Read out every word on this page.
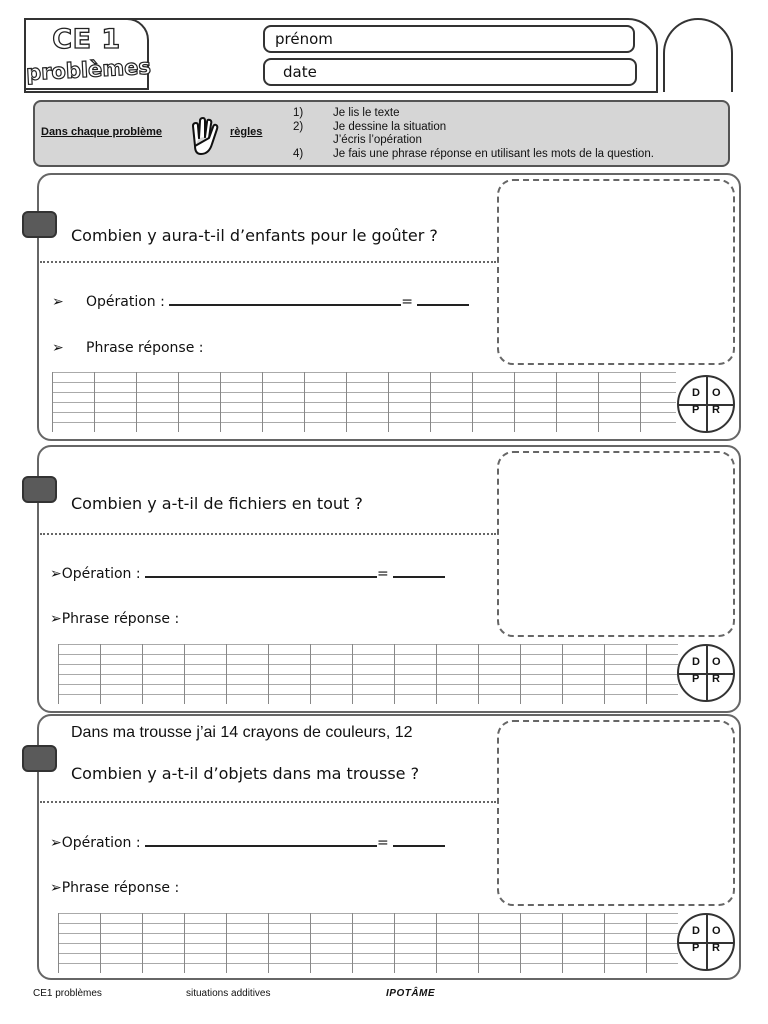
CE 1
problèmes
prénom
date
Dans chaque problème	règles
1)	Je lis le texte
2)	Je dessine la situation
J’écris l’opération
4)	Je fais une phrase réponse en utilisant les mots de la question.
Combien y aura-t-il d’enfants pour le goûter ?
➢ Opération :	=
➢ Phrase réponse :
D O
P R
Combien y a-t-il de fichiers en tout ?
➢Opération :	=
➢Phrase réponse :
D O
P R
Dans ma trousse j’ai 14 crayons de couleurs, 12
Combien y a-t-il d’objets dans ma trousse ?
➢Opération :	=
➢Phrase réponse :
D O
P R
CE1 problèmes	situations additives	IPOTÂME
